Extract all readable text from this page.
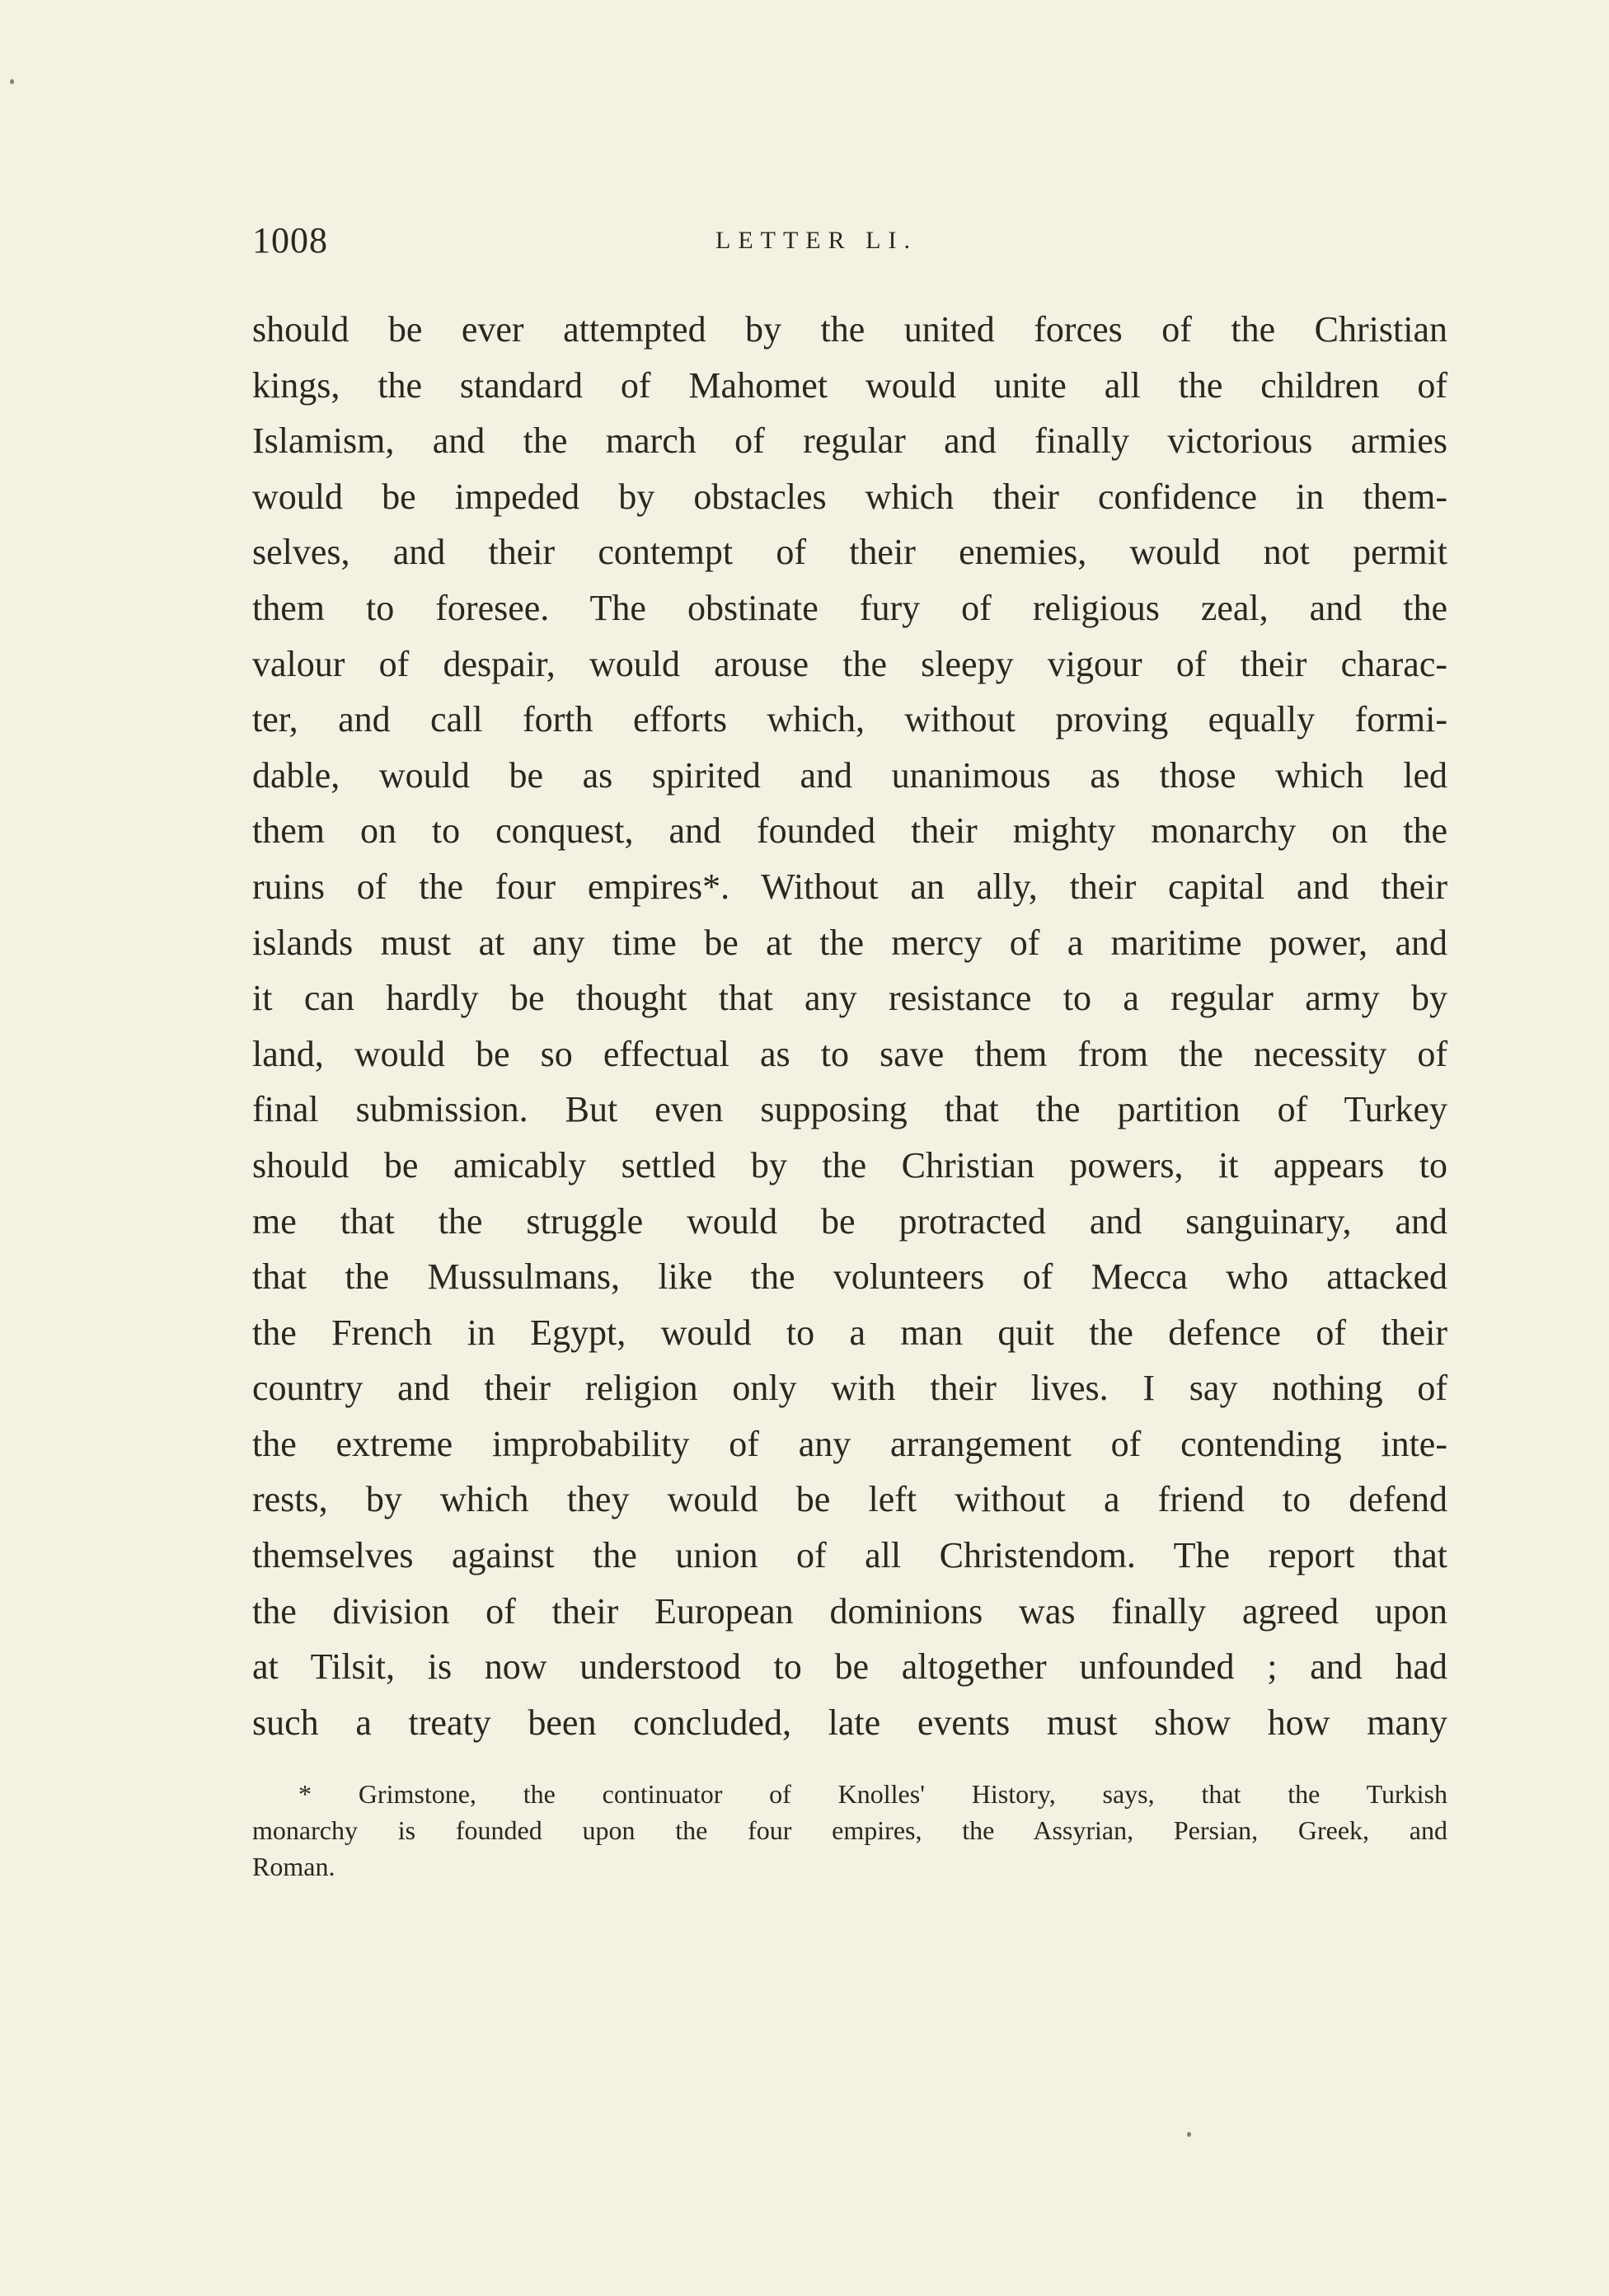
1008	LETTER LI.
should be ever attempted by the united forces of the Christian
kings, the standard of Mahomet would unite all the children of
Islamism, and the march of regular and finally victorious armies
would be impeded by obstacles which their confidence in them-
selves, and their contempt of their enemies, would not permit
them to foresee. The obstinate fury of religious zeal, and the
valour of despair, would arouse the sleepy vigour of their charac-
ter, and call forth efforts which, without proving equally formi-
dable, would be as spirited and unanimous as those which led
them on to conquest, and founded their mighty monarchy on the
ruins of the four empires*. Without an ally, their capital and their
islands must at any time be at the mercy of a maritime power, and
it can hardly be thought that any resistance to a regular army by
land, would be so effectual as to save them from the necessity of
final submission. But even supposing that the partition of Turkey
should be amicably settled by the Christian powers, it appears to
me that the struggle would be protracted and sanguinary, and
that the Mussulmans, like the volunteers of Mecca who attacked
the French in Egypt, would to a man quit the defence of their
country and their religion only with their lives. I say nothing of
the extreme improbability of any arrangement of contending inte-
rests, by which they would be left without a friend to defend
themselves against the union of all Christendom. The report that
the division of their European dominions was finally agreed upon
at Tilsit, is now understood to be altogether unfounded ; and had
such a treaty been concluded, late events must show how many
* Grimstone, the continuator of Knolles' History, says, that the Turkish
monarchy is founded upon the four empires, the Assyrian, Persian, Greek, and
Roman.
